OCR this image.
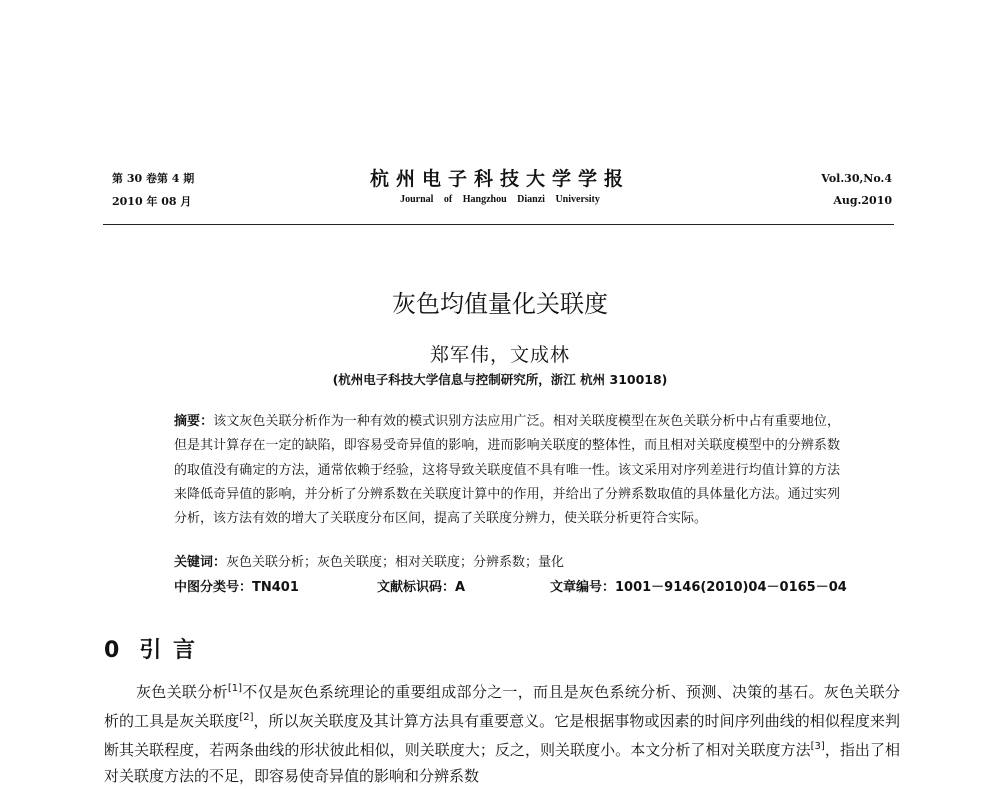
第 30 卷第 4 期
2010 年 08 月
杭州电子科技大学学报
Journal of Hangzhou Dianzi University
Vol.30,No.4
Aug.2010
灰色均值量化关联度
郑军伟，文成林
(杭州电子科技大学信息与控制研究所，浙江 杭州 310018)
摘要：该文灰色关联分析作为一种有效的模式识别方法应用广泛。相对关联度模型在灰色关联分析中占有重要地位，但是其计算存在一定的缺陷，即容易受奇异值的影响，进而影响关联度的整体性，而且相对关联度模型中的分辨系数的取值没有确定的方法，通常依赖于经验，这将导致关联度值不具有唯一性。该文采用对序列差进行均值计算的方法来降低奇异值的影响，并分析了分辨系数在关联度计算中的作用，并给出了分辨系数取值的具体量化方法。通过实列分析，该方法有效的增大了关联度分布区间，提高了关联度分辨力，使关联分析更符合实际。
关键词：灰色关联分析；灰色关联度；相对关联度；分辨系数；量化
中图分类号：TN401	文献标识码：A	文章编号：1001－9146(2010)04－0165－04
0 引 言
灰色关联分析[1]不仅是灰色系统理论的重要组成部分之一，而且是灰色系统分析、预测、决策的基石。灰色关联分析的工具是灰关联度[2]，所以灰关联度及其计算方法具有重要意义。它是根据事物或因素的时间序列曲线的相似程度来判断其关联程度，若两条曲线的形状彼此相似，则关联度大；反之，则关联度小。本文分析了相对关联度方法[3]，指出了相对关联度方法的不足，即容易使奇异值的影响和分辨系数
